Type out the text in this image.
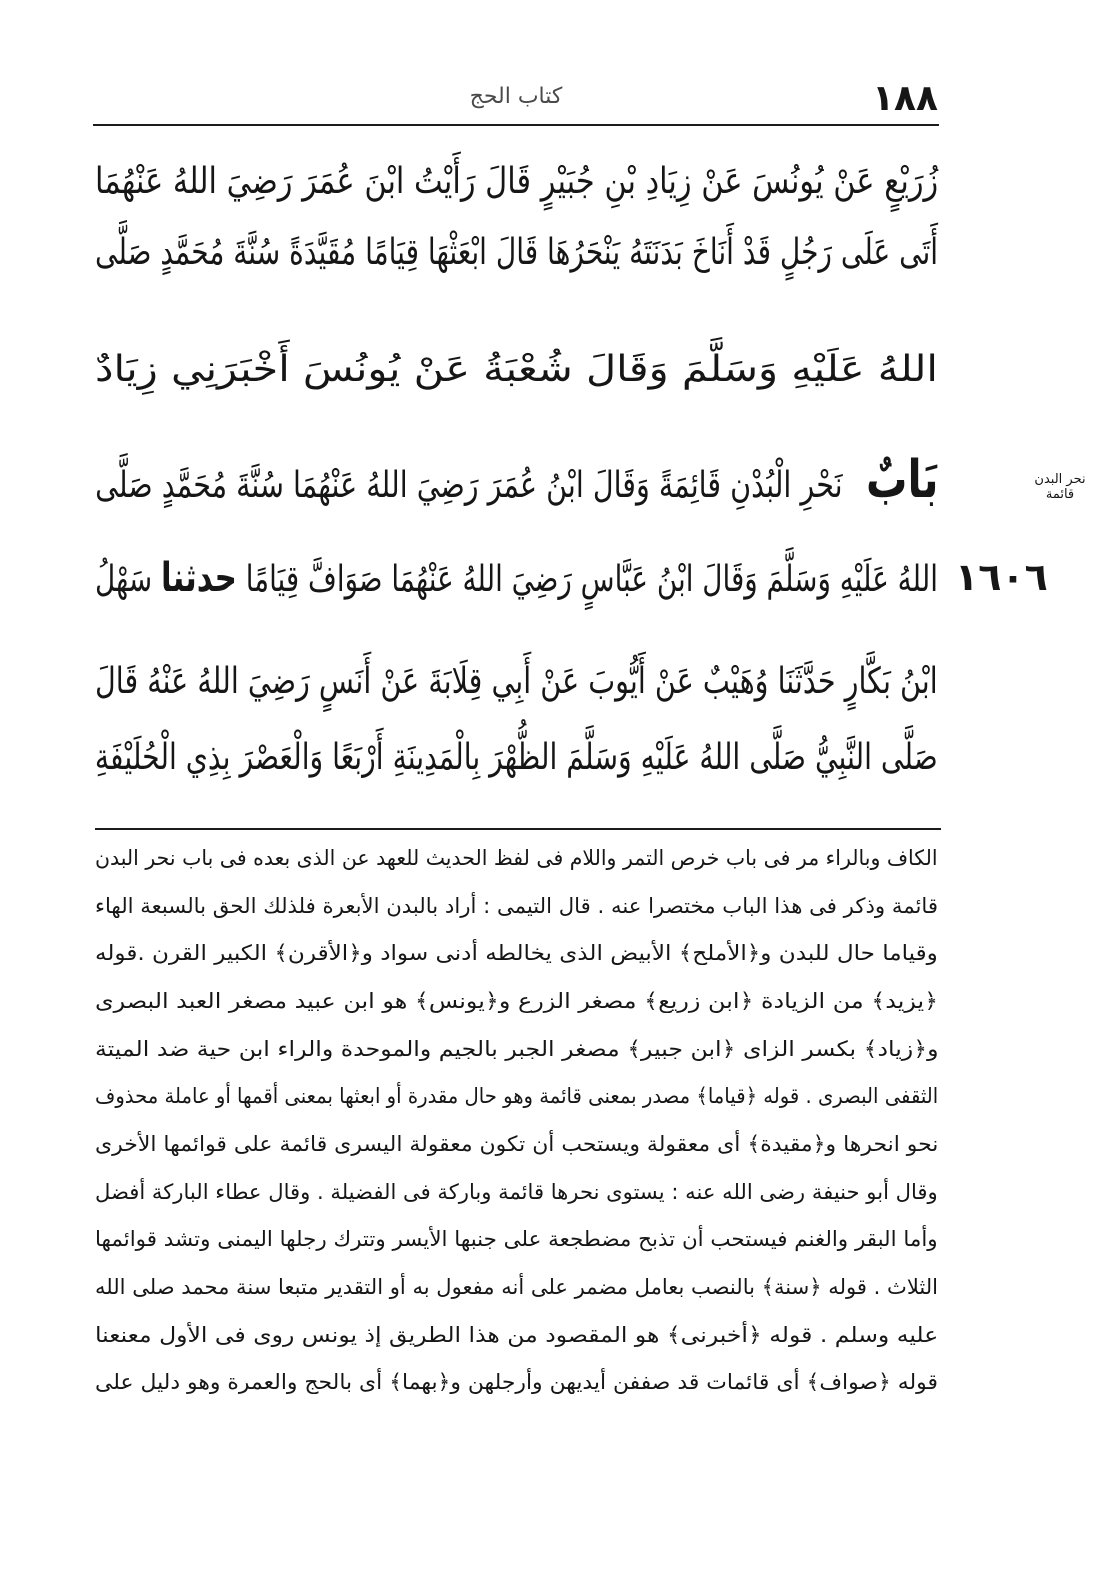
١٨٨
كتاب الحج
نحر البدن قائمة
١٦٠٦
زُرَيْعٍ عَنْ يُونُسَ عَنْ زِيَادِ بْنِ جُبَيْرٍ قَالَ رَأَيْتُ ابْنَ عُمَرَ رَضِيَ اللهُ عَنْهُمَا
أَتَى عَلَى رَجُلٍ قَدْ أَنَاخَ بَدَنَتَهُ يَنْحَرُهَا قَالَ ابْعَثْهَا قِيَامًا مُقَيَّدَةً سُنَّةَ مُحَمَّدٍ صَلَّى
اللهُ عَلَيْهِ وَسَلَّمَ وَقَالَ شُعْبَةُ عَنْ يُونُسَ أَخْبَرَنِي زِيَادٌ
بَابٌ نَحْرِ الْبُدْنِ قَائِمَةً وَقَالَ ابْنُ عُمَرَ رَضِيَ اللهُ عَنْهُمَا سُنَّةَ مُحَمَّدٍ صَلَّى
اللهُ عَلَيْهِ وَسَلَّمَ وَقَالَ ابْنُ عَبَّاسٍ رَضِيَ اللهُ عَنْهُمَا صَوَافَّ قِيَامًا حدثنا سَهْلُ
ابْنُ بَكَّارٍ حَدَّثَنَا وُهَيْبٌ عَنْ أَيُّوبَ عَنْ أَبِي قِلَابَةَ عَنْ أَنَسٍ رَضِيَ اللهُ عَنْهُ قَالَ
صَلَّى النَّبِيُّ صَلَّى اللهُ عَلَيْهِ وَسَلَّمَ الظُّهْرَ بِالْمَدِينَةِ أَرْبَعًا وَالْعَصْرَ بِذِي الْحُلَيْفَةِ
الكاف وبالراء مر فى باب خرص التمر واللام فى لفظ الحديث للعهد عن الذى بعده فى باب نحر البدن
قائمة وذكر فى هذا الباب مختصرا عنه . قال التيمى : أراد بالبدن الأبعرة فلذلك الحق بالسبعة الهاء
وقياما حال للبدن و﴿الأملح﴾ الأبيض الذى يخالطه أدنى سواد و﴿الأقرن﴾ الكبير القرن .قوله
﴿يزيد﴾ من الزيادة ﴿ابن زريع﴾ مصغر الزرع و﴿يونس﴾ هو ابن عبيد مصغر العبد البصرى
و﴿زياد﴾ بكسر الزاى ﴿ابن جبير﴾ مصغر الجبر بالجيم والموحدة والراء ابن حية ضد الميتة
الثقفى البصرى . قوله ﴿قياما﴾ مصدر بمعنى قائمة وهو حال مقدرة أو ابعثها بمعنى أقمها أو عاملة محذوف
نحو انحرها و﴿مقيدة﴾ أى معقولة ويستحب أن تكون معقولة اليسرى قائمة على قوائمها الأخرى
وقال أبو حنيفة رضى الله عنه : يستوى نحرها قائمة وباركة فى الفضيلة . وقال عطاء الباركة أفضل
وأما البقر والغنم فيستحب أن تذبح مضطجعة على جنبها الأيسر وتترك رجلها اليمنى وتشد قوائمها
الثلاث . قوله ﴿سنة﴾ بالنصب بعامل مضمر على أنه مفعول به أو التقدير متبعا سنة محمد صلى الله
عليه وسلم . قوله ﴿أخبرنى﴾ هو المقصود من هذا الطريق إذ يونس روى فى الأول معنعنا
قوله ﴿صواف﴾ أى قائمات قد صففن أيديهن وأرجلهن و﴿بهما﴾ أى بالحج والعمرة وهو دليل على
